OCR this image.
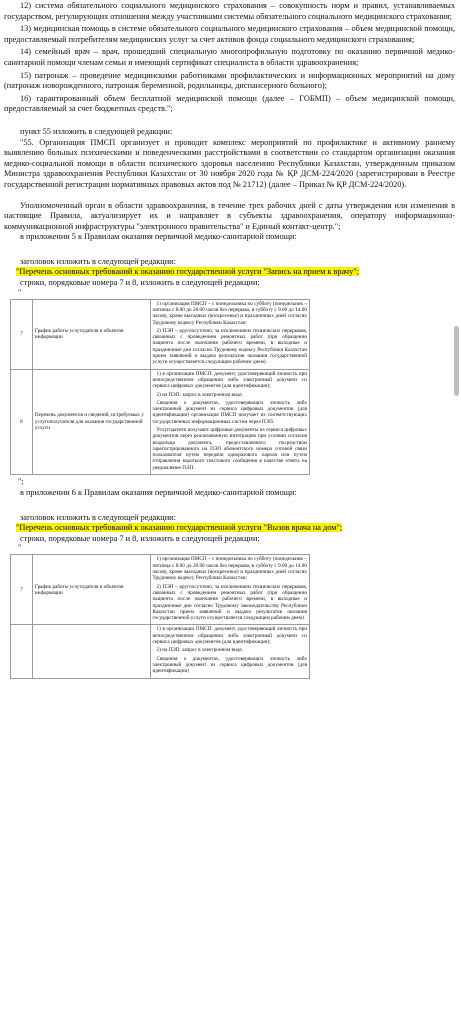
12) система обязательного социального медицинского страхования – совокупность норм и правил, устанавливаемых государством, регулирующих отношения между участниками системы обязательного социального медицинского страхования;

13) медицинская помощь в системе обязательного социального медицинского страхования – объем медицинской помощи, предоставляемый потребителям медицинских услуг за счет активов фонда социального медицинского страхования;

14) семейный врач – врач, прошедший специальную многопрофильную подготовку по оказанию первичной медико-санитарной помощи членам семьи и имеющий сертификат специалиста в области здравоохранения;

15) патронаж – проведение медицинскими работниками профилактических и информационных мероприятий на дому (патронаж новорожденного, патронаж беременной, родильницы, диспансерного больного);

16) гарантированный объем бесплатной медицинской помощи (далее – ГОБМП) – объем медицинской помощи, предоставляемый за счет бюджетных средств.";

пункт 55 изложить в следующей редакции:

"55. Организация ПМСП организует и проводит комплекс мероприятий по профилактике и активному раннему выявлению больных психическими и поведенческими расстройствами в соответствии со стандартом организации оказания медико-социальной помощи в области психического здоровья населению Республики Казахстан, утвержденным приказом Министра здравоохранения Республики Казахстан от 30 ноября 2020 года № ҚР ДСМ-224/2020 (зарегистрирован в Реестре государственной регистрации нормативных правовых актов под № 21712) (далее – Приказ № ҚР ДСМ-224/2020).

Уполномоченный орган в области здравоохранения, в течение трех рабочих дней с даты утверждения или изменения в настоящие Правила, актуализирует их и направляет в субъекты здравоохранения, оператору информационно-коммуникационной инфраструктуры "электронного правительства" и Единый контакт-центр.";

в приложении 5 к Правилам оказания первичной медико-санитарной помощи:

заголовок изложить в следующей редакции:

"Перечень основных требований к оказанию государственной услуги "Запись на прием к врачу";

строки, порядковые номера 7 и 8, изложить в следующей редакции:

"

7	График работы услугодателя и объектов информации	1) организация ПМСП – с понедельника по субботу (понедельник – пятница с 8.00 до 20.00 часов без перерыва, в субботу с 9.00 до 14.00 часов), кроме выходных (воскресенье) и праздничных дней согласно Трудовому кодексу Республики Казахстан;

2) ПЭП – круглосуточно, за исключением технических перерывов, связанных с проведением ремонтных работ (при обращении пациента после окончания рабочего времени, в выходные и праздничные дни согласно Трудовому кодексу Республики Казахстан прием заявлений и выдача результатов оказания государственной услуги осуществляется следующим рабочим днем).

8	Перечень документов и сведений, истребуемых у услугополучателя для оказания государственной услуги	1) в организации ПМСП: документ, удостоверяющий личность при непосредственном обращении либо электронный документ из сервиса цифровых документов (для идентификации);

2) на ПЭП: запрос в электронном виде.

Сведения о документах, удостоверяющих личность либо электронный документ из сервиса цифровых документов (для идентификации) организация ПМСП получает из соответствующих государственных информационных систем через ПЭП.

Услугодатели получают цифровые документы из сервиса цифровых документов через реализованную интеграцию при условии согласия владельца документа, предоставленного посредством зарегистрированного на ПЭП абонентского номера сотовой связи пользователя путем передачи одноразового пароля или путем отправления короткого текстового сообщения в качестве ответа на уведомление ПЭП.

";

в приложении 6 к Правилам оказания первичной медико-санитарной помощи:

заголовок изложить в следующей редакции:

"Перечень основных требований к оказанию государственной услуги "Вызов врача на дом";

строки, порядковые номера 7 и 8, изложить в следующей редакции:

"

7	График работы услугодателя и объектов информации	1) организация ПМСП – с понедельника по субботу (понедельник – пятница с 8.00 до 20.00 часов без перерыва, в субботу с 9.00 до 14.00 часов), кроме выходных (воскресенье) и праздничных дней согласно Трудовому кодексу Республики Казахстан;

2) ПЭП – круглосуточно, за исключением технических перерывов, связанных с проведением ремонтных работ (при обращении пациента после окончания рабочего времени, в выходные и праздничные дни согласно Трудовому законодательству Республики Казахстан прием заявлений и выдача результатов оказания государственной услуги осуществляется следующим рабочим днем).

		1) в организации ПМСП: документ, удостоверяющий личность при непосредственном обращении либо электронный документ из сервиса цифровых документов (для идентификации);

2) на ПЭП: запрос в электронном виде.

Сведения о документах, удостоверяющих личность либо электронный документ из сервиса цифровых документов (для идентификации)
